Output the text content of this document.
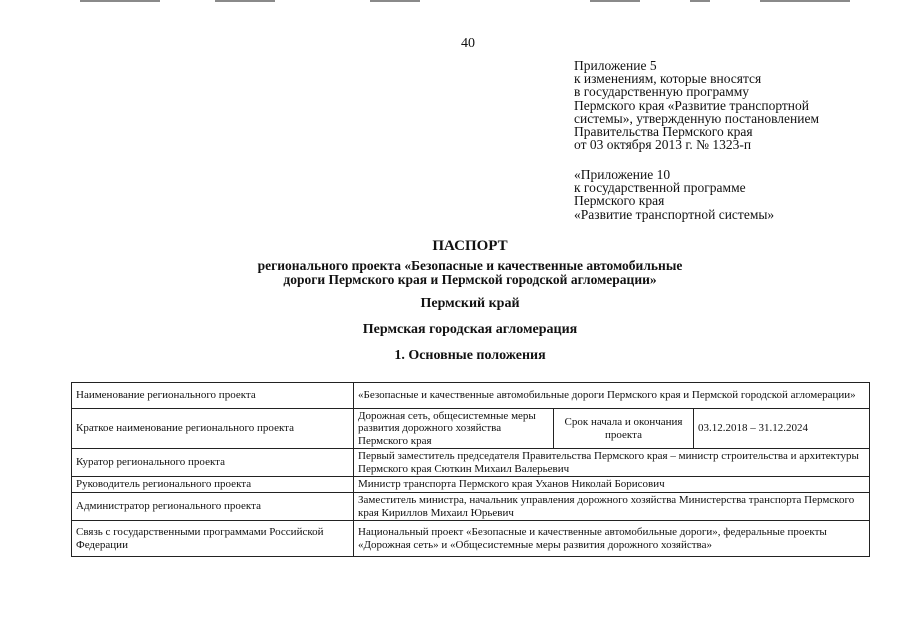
40
Приложение 5
к изменениям, которые вносятся
в государственную программу
Пермского края «Развитие транспортной
системы», утвержденную постановлением
Правительства Пермского края
от 03 октября 2013 г. № 1323-п
«Приложение 10
к государственной программе
Пермского края
«Развитие транспортной системы»
ПАСПОРТ
регионального проекта «Безопасные и качественные автомобильные
дороги Пермского края и Пермской городской агломерации»
Пермский край
Пермская городская агломерация
1. Основные положения
Наименование регионального проекта	«Безопасные и качественные автомобильные дороги Пермского края и Пермской городской агломерации»		
Краткое наименование регионального проекта	Дорожная сеть, общесистемные меры развития дорожного хозяйства Пермского края	Срок начала и окончания проекта	03.12.2018 – 31.12.2024
Куратор регионального проекта	Первый заместитель председателя Правительства Пермского края – министр строительства и архитектуры Пермского края Сюткин Михаил Валерьевич		
Руководитель регионального проекта	Министр транспорта Пермского края Уханов Николай Борисович		
Администратор регионального проекта	Заместитель министра, начальник управления дорожного хозяйства Министерства транспорта Пермского края Кириллов Михаил Юрьевич		
Связь с государственными программами Российской Федерации	Национальный проект «Безопасные и качественные автомобильные дороги», федеральные проекты «Дорожная сеть» и «Общесистемные меры развития дорожного хозяйства»		
